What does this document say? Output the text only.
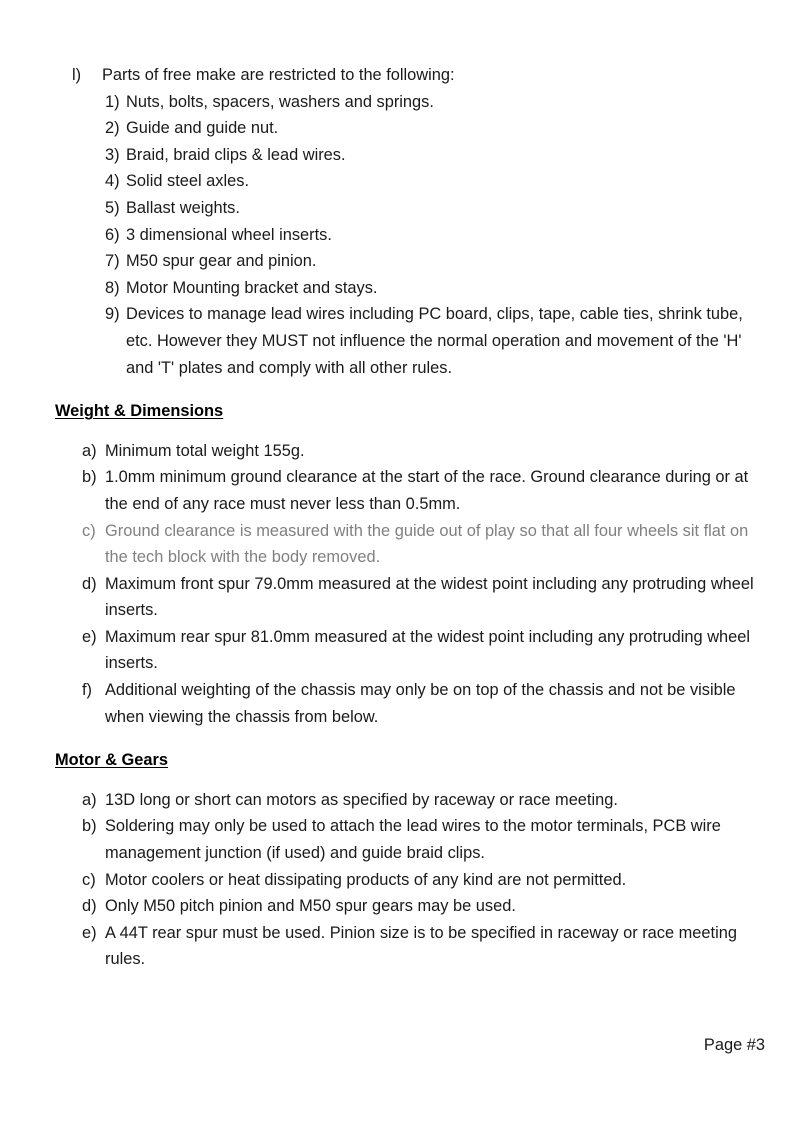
l)	Parts of free make are restricted to the following:
1) Nuts, bolts, spacers, washers and springs.
2) Guide and guide nut.
3) Braid, braid clips & lead wires.
4) Solid steel axles.
5) Ballast weights.
6) 3 dimensional wheel inserts.
7) M50 spur gear and pinion.
8) Motor Mounting bracket and stays.
9) Devices to manage lead wires including PC board, clips, tape, cable ties, shrink tube, etc. However they MUST not influence the normal operation and movement of the 'H' and 'T' plates and comply with all other rules.
Weight & Dimensions
a) Minimum total weight 155g.
b) 1.0mm minimum ground clearance at the start of the race. Ground clearance during or at the end of any race must never less than 0.5mm.
c) Ground clearance is measured with the guide out of play so that all four wheels sit flat on the tech block with the body removed.
d) Maximum front spur 79.0mm measured at the widest point including any protruding wheel inserts.
e) Maximum rear spur 81.0mm measured at the widest point including any protruding wheel inserts.
f) Additional weighting of the chassis may only be on top of the chassis and not be visible when viewing the chassis from below.
Motor & Gears
a) 13D long or short can motors as specified by raceway or race meeting.
b) Soldering may only be used to attach the lead wires to the motor terminals, PCB wire management junction (if used) and guide braid clips.
c) Motor coolers or heat dissipating products of any kind are not permitted.
d) Only M50 pitch pinion and M50 spur gears may be used.
e) A 44T rear spur must be used. Pinion size is to be specified in raceway or race meeting rules.
Page #3
